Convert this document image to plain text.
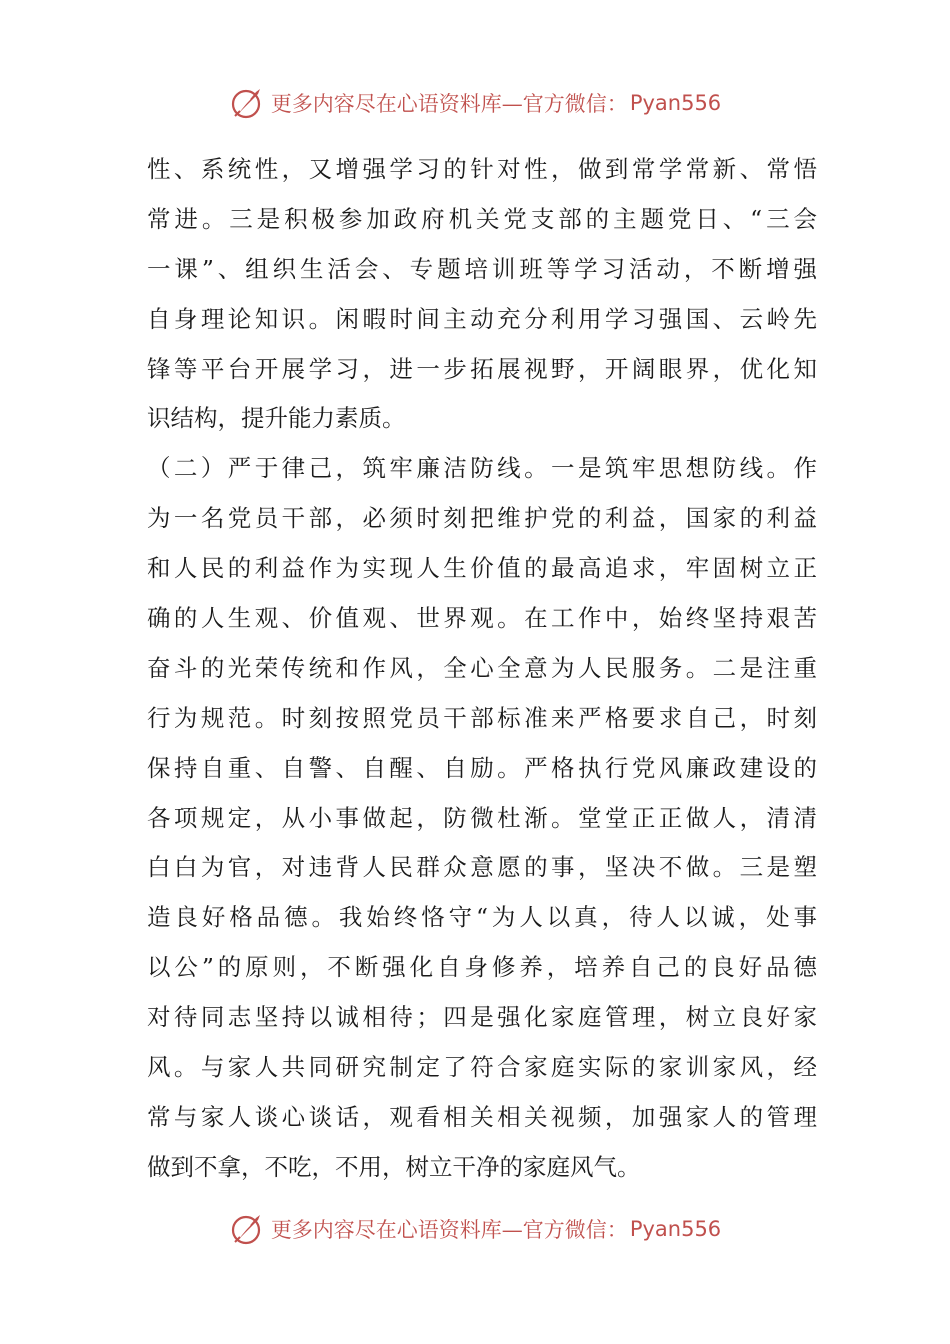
更多内容尽在心语资料库—官方微信： Pyan556
性、系统性，又增强学习的针对性，做到常学常新、常悟
常进。三是积极参加政府机关党支部的主题党日、“三会
一课”、组织生活会、专题培训班等学习活动，不断增强
自身理论知识。闲暇时间主动充分利用学习强国、云岭先
锋等平台开展学习，进一步拓展视野，开阔眼界，优化知
识结构，提升能力素质。
（二）严于律己，筑牢廉洁防线。一是筑牢思想防线。作
为一名党员干部，必须时刻把维护党的利益，国家的利益
和人民的利益作为实现人生价值的最高追求，牢固树立正
确的人生观、价值观、世界观。在工作中，始终坚持艰苦
奋斗的光荣传统和作风，全心全意为人民服务。二是注重
行为规范。时刻按照党员干部标准来严格要求自己，时刻
保持自重、自警、自醒、自励。严格执行党风廉政建设的
各项规定，从小事做起，防微杜渐。堂堂正正做人，清清
白白为官，对违背人民群众意愿的事，坚决不做。三是塑
造良好格品德。我始终恪守“为人以真，待人以诚，处事
以公”的原则，不断强化自身修养，培养自己的良好品德
对待同志坚持以诚相待；四是强化家庭管理，树立良好家
风。与家人共同研究制定了符合家庭实际的家训家风，经
常与家人谈心谈话，观看相关相关视频，加强家人的管理
做到不拿，不吃，不用，树立干净的家庭风气。
更多内容尽在心语资料库—官方微信： Pyan556
